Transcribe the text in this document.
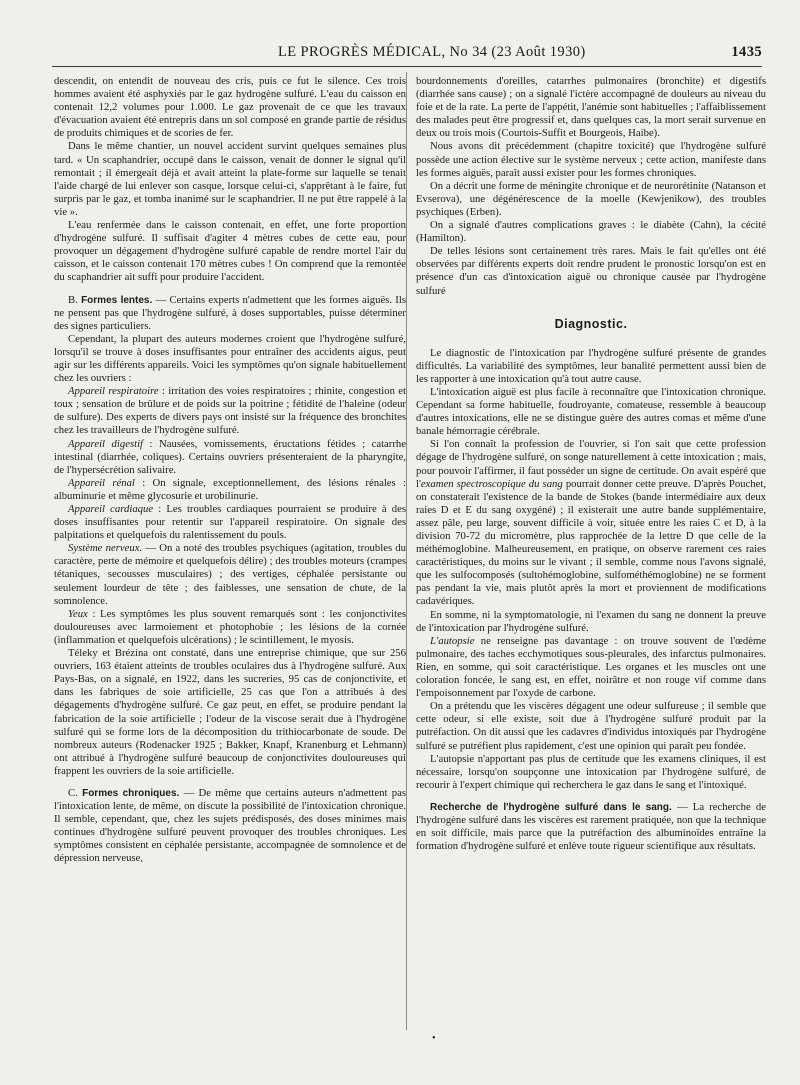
LE PROGRÈS MÉDICAL, No 34 (23 Août 1930)	1435

descendit, on entendit de nouveau des cris, puis ce fut le silence. Ces trois hommes avaient été asphyxiés par le gaz hydrogène sulfuré. L'eau du caisson en contenait 12,2 volumes pour 1.000. Le gaz provenait de ce que les travaux d'évacuation avaient été entrepris dans un sol composé en grande partie de résidus de produits chimiques et de scories de fer.

Dans le même chantier, un nouvel accident survint quelques semaines plus tard. « Un scaphandrier, occupé dans le caisson, venait de donner le signal qu'il remontait ; il émergeait déjà et avait atteint la plate-forme sur laquelle se tenait l'aide chargé de lui enlever son casque, lorsque celui-ci, s'apprêtant à le faire, fut surpris par le gaz, et tomba inanimé sur le scaphandrier. Il ne put être rappelé à la vie ».

L'eau renfermée dans le caisson contenait, en effet, une forte proportion d'hydrogène sulfuré. Il suffisait d'agiter 4 mètres cubes de cette eau, pour provoquer un dégagement d'hydrogène sulfuré capable de rendre mortel l'air du caisson, et le caisson contenait 170 mètres cubes ! On comprend que la remontée du scaphandrier ait suffi pour produire l'accident.

B. Formes lentes. — Certains experts n'admettent que les formes aiguës. Ils ne pensent pas que l'hydrogène sulfuré, à doses supportables, puisse déterminer des signes particuliers.

Cependant, la plupart des auteurs modernes croient que l'hydrogène sulfuré, lorsqu'il se trouve à doses insuffisantes pour entraîner des accidents aigus, peut agir sur les différents appareils. Voici les symptômes qu'on signale habituellement chez les ouvriers :

Appareil respiratoire : irritation des voies respiratoires ; rhinite, congestion et toux ; sensation de brûlure et de poids sur la poitrine ; fétidité de l'haleine (odeur de sulfure). Des experts de divers pays ont insisté sur la fréquence des bronchites chez les travailleurs de l'hydrogène sulfuré.

Appareil digestif : Nausées, vomissements, éructations fétides ; catarrhe intestinal (diarrhée, coliques). Certains ouvriers présenteraient de la pharyngite, de l'hypersécrétion salivaire.

Appareil rénal : On signale, exceptionnellement, des lésions rénales : albuminurie et même glycosurie et urobilinurie.

Appareil cardiaque : Les troubles cardiaques pourraient se produire à des doses insuffisantes pour retentir sur l'appareil respiratoire. On signale des palpitations et quelquefois du ralentissement du pouls.

Système nerveux. — On a noté des troubles psychiques (agitation, troubles du caractère, perte de mémoire et quelquefois délire) ; des troubles moteurs (crampes tétaniques, secousses musculaires) ; des vertiges, céphalée persistante ou seulement lourdeur de tête ; des faiblesses, une sensation de chute, de la somnolence.

Yeux : Les symptômes les plus souvent remarqués sont : les conjonctivites douloureuses avec larmoiement et photophobie ; les lésions de la cornée (inflammation et quelquefois ulcérations) ; le scintillement, le myosis.

Téleky et Brézina ont constaté, dans une entreprise chimique, que sur 256 ouvriers, 163 étaient atteints de troubles oculaires dus à l'hydrogène sulfuré. Aux Pays-Bas, on a signalé, en 1922, dans les sucreries, 95 cas de conjonctivite, et dans les fabriques de soie artificielle, 25 cas que l'on a attribués à des dégagements d'hydrogène sulfuré. Ce gaz peut, en effet, se produire pendant la fabrication de la soie artificielle ; l'odeur de la viscose serait due à l'hydrogène sulfuré qui se forme lors de la décomposition du trithiocarbonate de soude. De nombreux auteurs (Rodenacker 1925 ; Bakker, Knapf, Kranenburg et Lehmann) ont attribué à l'hydrogène sulfuré beaucoup de conjonctivites douloureuses qui frappent les ouvriers de la soie artificielle.

C. Formes chroniques. — De même que certains auteurs n'admettent pas l'intoxication lente, de même, on discute la possibilité de l'intoxication chronique. Il semble, cependant, que, chez les sujets prédisposés, des doses minimes mais continues d'hydrogène sulfuré peuvent provoquer des troubles chroniques. Les symptômes consistent en céphalée persistante, accompagnée de somnolence et de dépression nerveuse,

bourdonnements d'oreilles, catarrhes pulmonaires (bronchite) et digestifs (diarrhée sans cause) ; on a signalé l'ictère accompagné de douleurs au niveau du foie et de la rate. La perte de l'appétit, l'anémie sont habituelles ; l'affaiblissement des malades peut être progressif et, dans quelques cas, la mort serait survenue en deux ou trois mois (Courtois-Suffit et Bourgeois, Haibe).

Nous avons dit précédemment (chapitre toxicité) que l'hydrogène sulfuré possède une action élective sur le système nerveux ; cette action, manifeste dans les formes aiguës, paraît aussi exister pour les formes chroniques.

On a décrit une forme de méningite chronique et de neurorétinite (Natanson et Evserova), une dégénérescence de la moelle (Kewjenikow), des troubles psychiques (Erben).

On a signalé d'autres complications graves : le diabète (Cahn), la cécité (Hamilton).

De telles lésions sont certainement très rares. Mais le fait qu'elles ont été observées par différents experts doit rendre prudent le pronostic lorsqu'on est en présence d'un cas d'intoxication aiguë ou chronique causée par l'hydrogène sulfuré

Diagnostic.

Le diagnostic de l'intoxication par l'hydrogène sulfuré présente de grandes difficultés. La variabilité des symptômes, leur banalité permettent aussi bien de les rapporter à une intoxication qu'à tout autre cause.

L'intoxication aiguë est plus facile à reconnaître que l'intoxication chronique. Cependant sa forme habituelle, foudroyante, comateuse, ressemble à beaucoup d'autres intoxications, elle ne se distingue guère des autres comas et même d'une banale hémorragie cérébrale.

Si l'on connaît la profession de l'ouvrier, si l'on sait que cette profession dégage de l'hydrogène sulfuré, on songe naturellement à cette intoxication ; mais, pour pouvoir l'affirmer, il faut posséder un signe de certitude. On avait espéré que l'examen spectroscopique du sang pourrait donner cette preuve. D'après Pouchet, on constaterait l'existence de la bande de Stokes (bande intermédiaire aux deux raies D et E du sang oxygéné) ; il existerait une autre bande supplémentaire, assez pâle, peu large, souvent difficile à voir, située entre les raies C et D, à la division 70-72 du micromètre, plus rapprochée de la lettre D que celle de la méthémoglobine. Malheureusement, en pratique, on observe rarement ces raies caractéristiques, du moins sur le vivant ; il semble, comme nous l'avons signalé, que les sulfocomposés (sultohémoglobine, sulfométhémoglobine) ne se forment pas pendant la vie, mais plutôt après la mort et proviennent de modifications cadavériques.

En somme, ni la symptomatologie, ni l'examen du sang ne donnent la preuve de l'intoxication par l'hydrogène sulfuré.

L'autopsie ne renseigne pas davantage : on trouve souvent de l'œdème pulmonaire, des taches ecchymotiques sous-pleurales, des infarctus pulmonaires. Rien, en somme, qui soit caractéristique. Les organes et les muscles ont une coloration foncée, le sang est, en effet, noirâtre et non rouge vif comme dans l'empoisonnement par l'oxyde de carbone.

On a prétendu que les viscères dégagent une odeur sulfureuse ; il semble que cette odeur, si elle existe, soit due à l'hydrogène sulfuré produit par la putréfaction. On dit aussi que les cadavres d'individus intoxiqués par l'hydrogène sulfuré se putréfient plus rapidement, c'est une opinion qui paraît peu fondée.

L'autopsie n'apportant pas plus de certitude que les examens cliniques, il est nécessaire, lorsqu'on soupçonne une intoxication par l'hydrogène sulfuré, de recourir à l'expert chimique qui recherchera le gaz dans le sang et l'intoxiqué.

Recherche de l'hydrogène sulfuré dans le sang. — La recherche de l'hydrogène sulfuré dans les viscères est rarement pratiquée, non que la technique en soit difficile, mais parce que la putréfaction des albuminoïdes entraîne la formation d'hydrogène sulfuré et enlève toute rigueur scientifique aux résultats.

•
